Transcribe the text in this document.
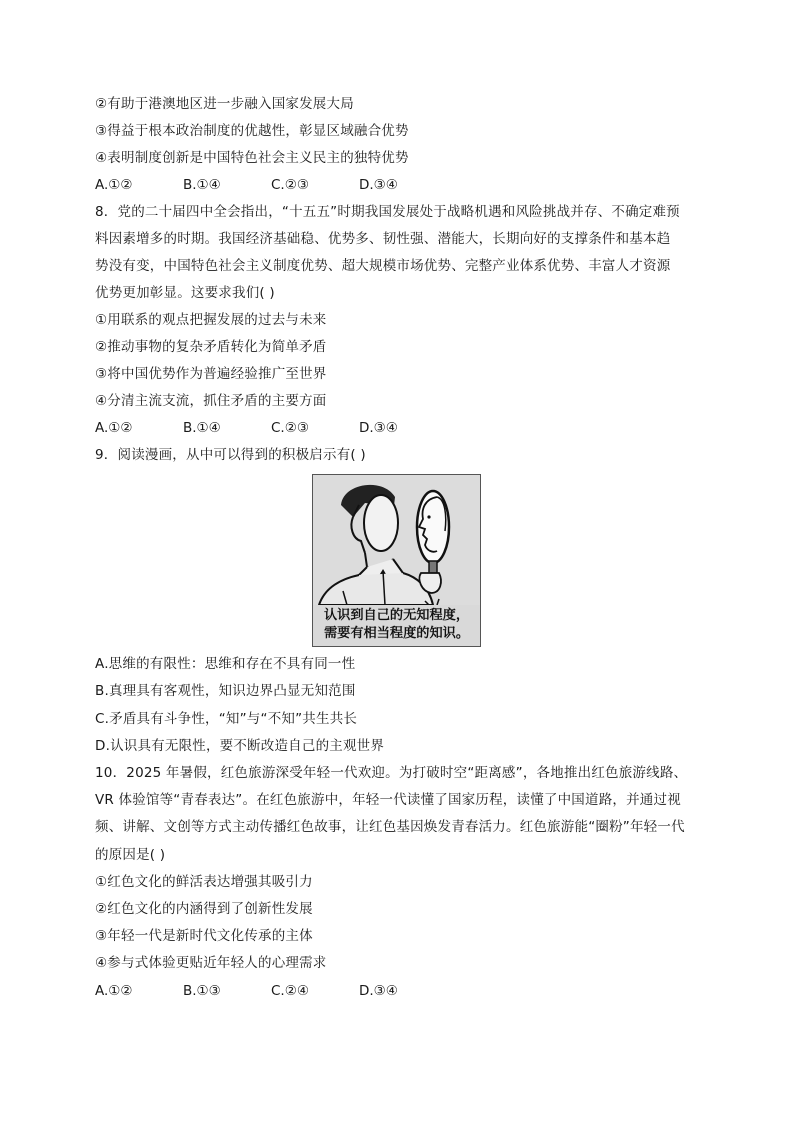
②有助于港澳地区进一步融入国家发展大局
③得益于根本政治制度的优越性，彰显区域融合优势
④表明制度创新是中国特色社会主义民主的独特优势
A.①②	B.①④	C.②③	D.③④
8．党的二十届四中全会指出，“十五五”时期我国发展处于战略机遇和风险挑战并存、不确定难预
料因素增多的时期。我国经济基础稳、优势多、韧性强、潜能大，长期向好的支撑条件和基本趋
势没有变，中国特色社会主义制度优势、超大规模市场优势、完整产业体系优势、丰富人才资源
优势更加彰显。这要求我们( )
①用联系的观点把握发展的过去与未来
②推动事物的复杂矛盾转化为简单矛盾
③将中国优势作为普遍经验推广至世界
④分清主流支流，抓住矛盾的主要方面
A.①②	B.①④	C.②③	D.③④
9．阅读漫画，从中可以得到的积极启示有( )
认识到自己的无知程度，
需要有相当程度的知识。
A.思维的有限性：思维和存在不具有同一性
B.真理具有客观性，知识边界凸显无知范围
C.矛盾具有斗争性，“知”与“不知”共生共长
D.认识具有无限性，要不断改造自己的主观世界
10．2025 年暑假，红色旅游深受年轻一代欢迎。为打破时空“距离感”，各地推出红色旅游线路、
VR 体验馆等“青春表达”。在红色旅游中，年轻一代读懂了国家历程，读懂了中国道路，并通过视
频、讲解、文创等方式主动传播红色故事，让红色基因焕发青春活力。红色旅游能“圈粉”年轻一代
的原因是( )
①红色文化的鲜活表达增强其吸引力
②红色文化的内涵得到了创新性发展
③年轻一代是新时代文化传承的主体
④参与式体验更贴近年轻人的心理需求
A.①②	B.①③	C.②④	D.③④
